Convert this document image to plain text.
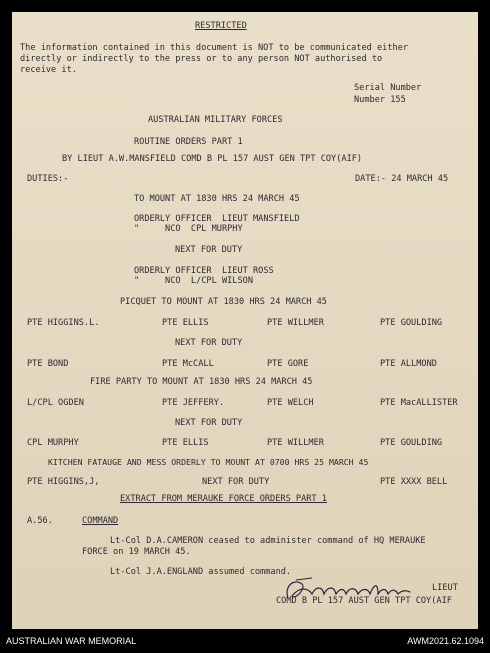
RESTRICTED
The information contained in this document is NOT to be communicated either
directly or indirectly to the press or to any person NOT authorised to
receive it.
Serial Number
Number 155
AUSTRALIAN MILITARY FORCES
ROUTINE ORDERS PART 1
BY LIEUT A.W.MANSFIELD COMD B PL 157 AUST GEN TPT COY(AIF)
DUTIES:-	DATE:- 24 MARCH 45
TO MOUNT AT 1830 HRS 24 MARCH 45
ORDERLY OFFICER  LIEUT MANSFIELD
"     NCO  CPL MURPHY
NEXT FOR DUTY
ORDERLY OFFICER  LIEUT ROSS
"     NCO  L/CPL WILSON
PICQUET TO MOUNT AT 1830 HRS 24 MARCH 45
PTE HIGGINS.L.	PTE ELLIS	PTE WILLMER	PTE GOULDING
NEXT FOR DUTY
PTE BOND	PTE McCALL	PTE GORE	PTE ALLMOND
FIRE PARTY TO MOUNT AT 1830 HRS 24 MARCH 45
L/CPL OGDEN	PTE JEFFERY.	PTE WELCH	PTE MacALLISTER
NEXT FOR DUTY
CPL MURPHY	PTE ELLIS	PTE WILLMER	PTE GOULDING
KITCHEN FATAUGE AND MESS ORDERLY TO MOUNT AT 0700 HRS 25 MARCH 45
PTE HIGGINS,J,	NEXT FOR DUTY	PTE XXXX BELL
EXTRACT FROM MERAUKE FORCE ORDERS PART 1
A.56.	COMMAND
Lt-Col D.A.CAMERON ceased to administer command of HQ MERAUKE
FORCE on 19 MARCH 45.
Lt-Col J.A.ENGLAND assumed command.
LIEUT
COMD B PL 157 AUST GEN TPT COY(AIF
AUSTRALIAN WAR MEMORIAL	AWM2021.62.1094
